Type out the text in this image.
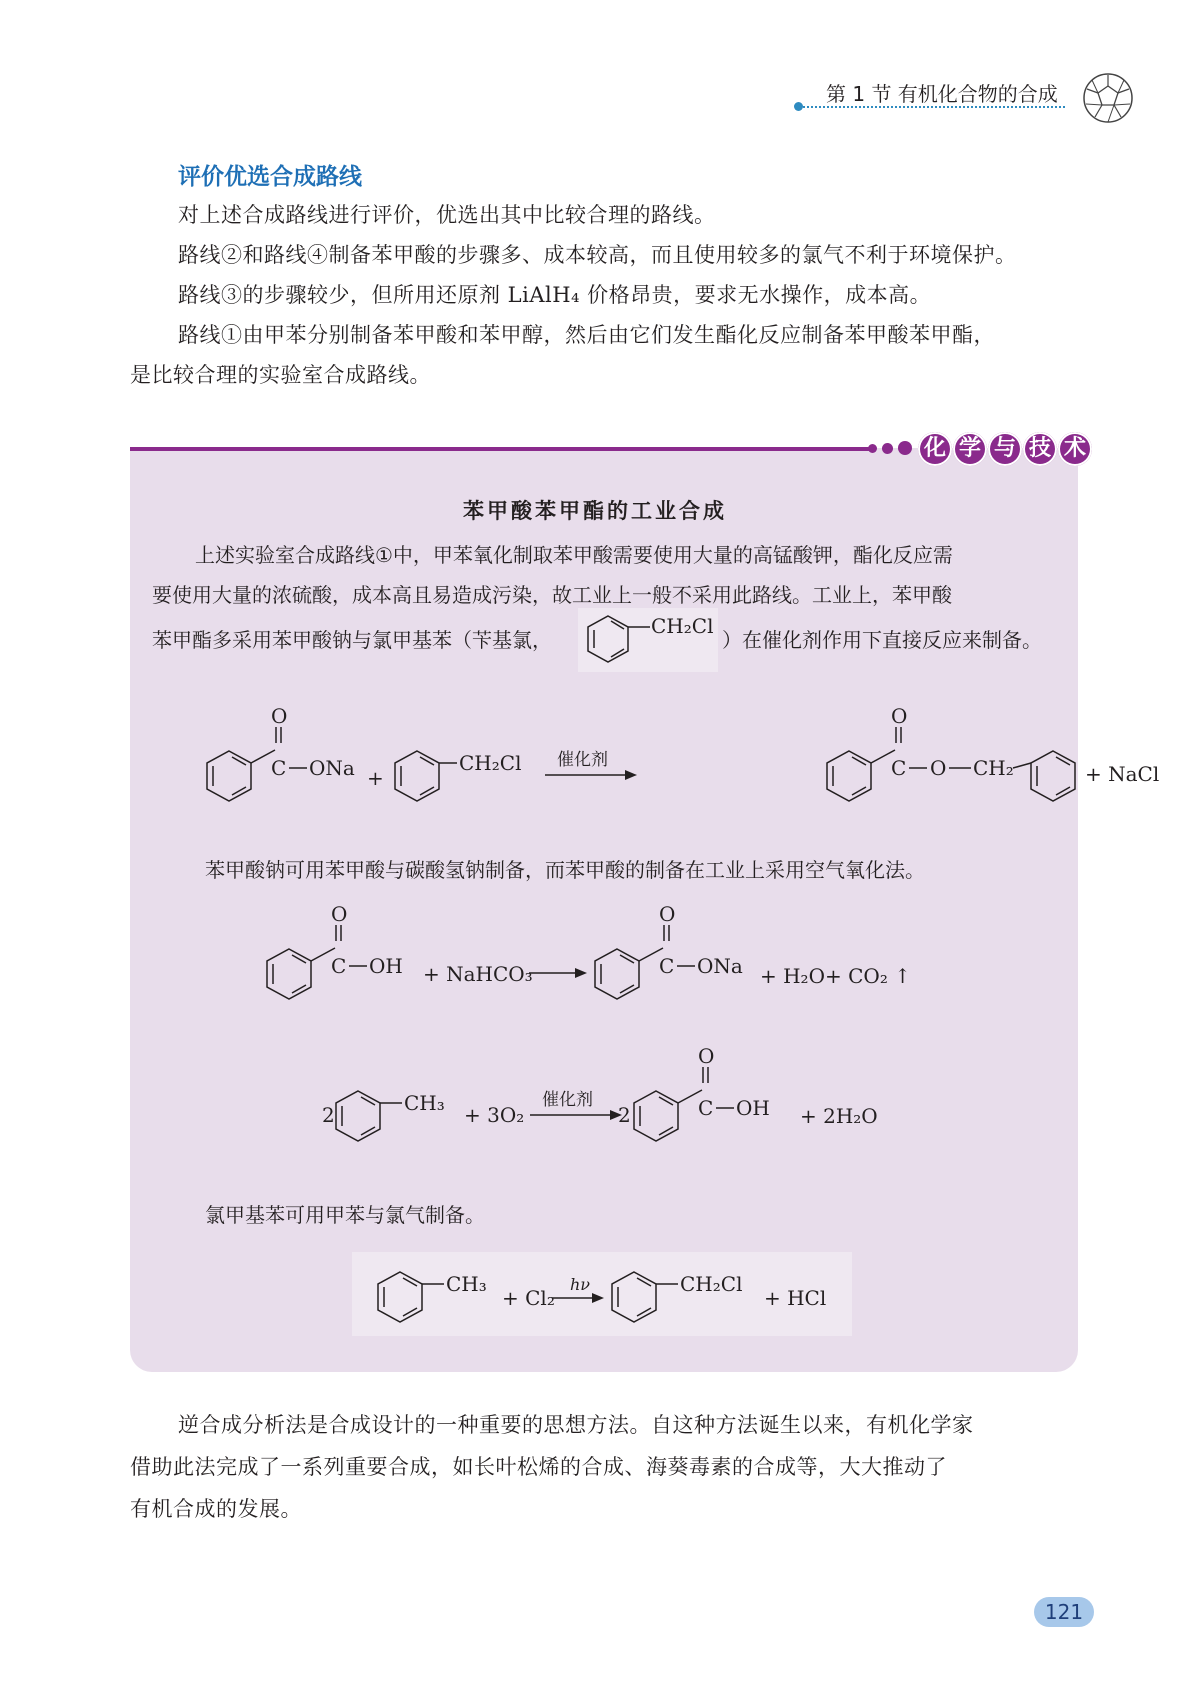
第 1 节 有机化合物的合成
评价优选合成路线
对上述合成路线进行评价，优选出其中比较合理的路线。
路线②和路线④制备苯甲酸的步骤多、成本较高，而且使用较多的氯气不利于环境保护。
路线③的步骤较少，但所用还原剂 LiAlH₄ 价格昂贵，要求无水操作，成本高。
路线①由甲苯分别制备苯甲酸和苯甲醇，然后由它们发生酯化反应制备苯甲酸苯甲酯，
是比较合理的实验室合成路线。
化 学 与 技 术
苯甲酸苯甲酯的工业合成
上述实验室合成路线①中，甲苯氧化制取苯甲酸需要使用大量的高锰酸钾，酯化反应需
要使用大量的浓硫酸，成本高且易造成污染，故工业上一般不采用此路线。工业上，苯甲酸
苯甲酯多采用苯甲酸钠与氯甲基苯（苄基氯，
CH₂Cl
）在催化剂作用下直接反应来制备。
O
C ONa +
CH₂Cl 催化剂
O
C O CH₂	+ NaCl
苯甲酸钠可用苯甲酸与碳酸氢钠制备，而苯甲酸的制备在工业上采用空气氧化法。
O
C OH + NaHCO₃
O
C ONa + H₂O + CO₂ ↑
2	CH₃ + 3O₂
催化剂
2
O
C OH + 2H₂O
氯甲基苯可用甲苯与氯气制备。
CH₃
+ Cl₂
hν	CH₂Cl
+ HCl
逆合成分析法是合成设计的一种重要的思想方法。自这种方法诞生以来，有机化学家
借助此法完成了一系列重要合成，如长叶松烯的合成、海葵毒素的合成等，大大推动了
有机合成的发展。
121
